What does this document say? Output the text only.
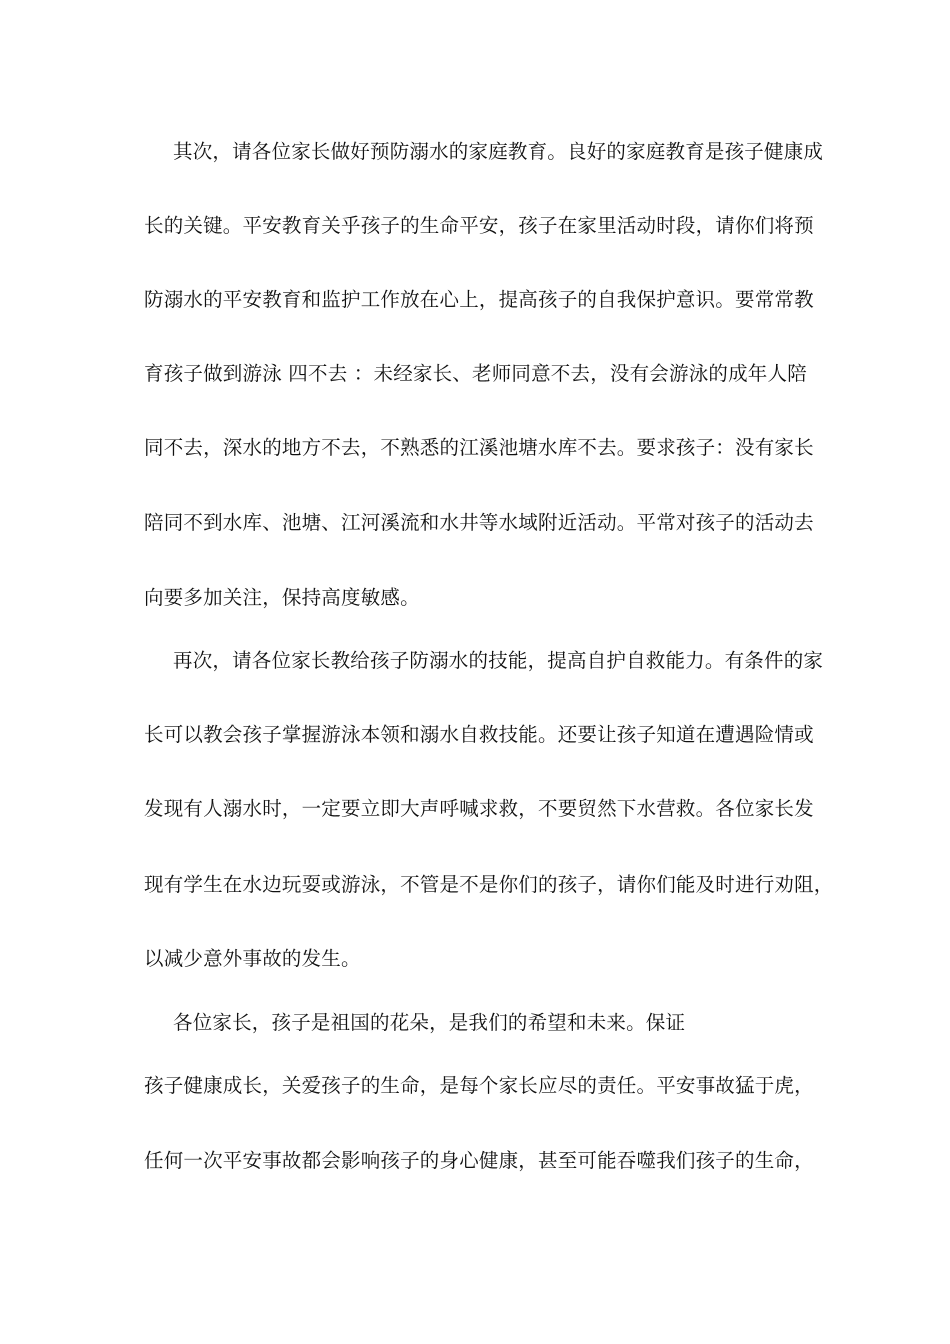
其次，请各位家长做好预防溺水的家庭教育。良好的家庭教育是孩子健康成
长的关键。平安教育关乎孩子的生命平安，孩子在家里活动时段，请你们将预
防溺水的平安教育和监护工作放在心上，提高孩子的自我保护意识。要常常教
育孩子做到游泳 四不去 ：未经家长、老师同意不去，没有会游泳的成年人陪
同不去，深水的地方不去，不熟悉的江溪池塘水库不去。要求孩子：没有家长
陪同不到水库、池塘、江河溪流和水井等水域附近活动。平常对孩子的活动去
向要多加关注，保持高度敏感。
再次，请各位家长教给孩子防溺水的技能，提高自护自救能力。有条件的家
长可以教会孩子掌握游泳本领和溺水自救技能。还要让孩子知道在遭遇险情或
发现有人溺水时，一定要立即大声呼喊求救，不要贸然下水营救。各位家长发
现有学生在水边玩耍或游泳，不管是不是你们的孩子，请你们能及时进行劝阻，
以减少意外事故的发生。
各位家长，孩子是祖国的花朵，是我们的希望和未来。保证
孩子健康成长，关爱孩子的生命，是每个家长应尽的责任。平安事故猛于虎，
任何一次平安事故都会影响孩子的身心健康，甚至可能吞噬我们孩子的生命，
